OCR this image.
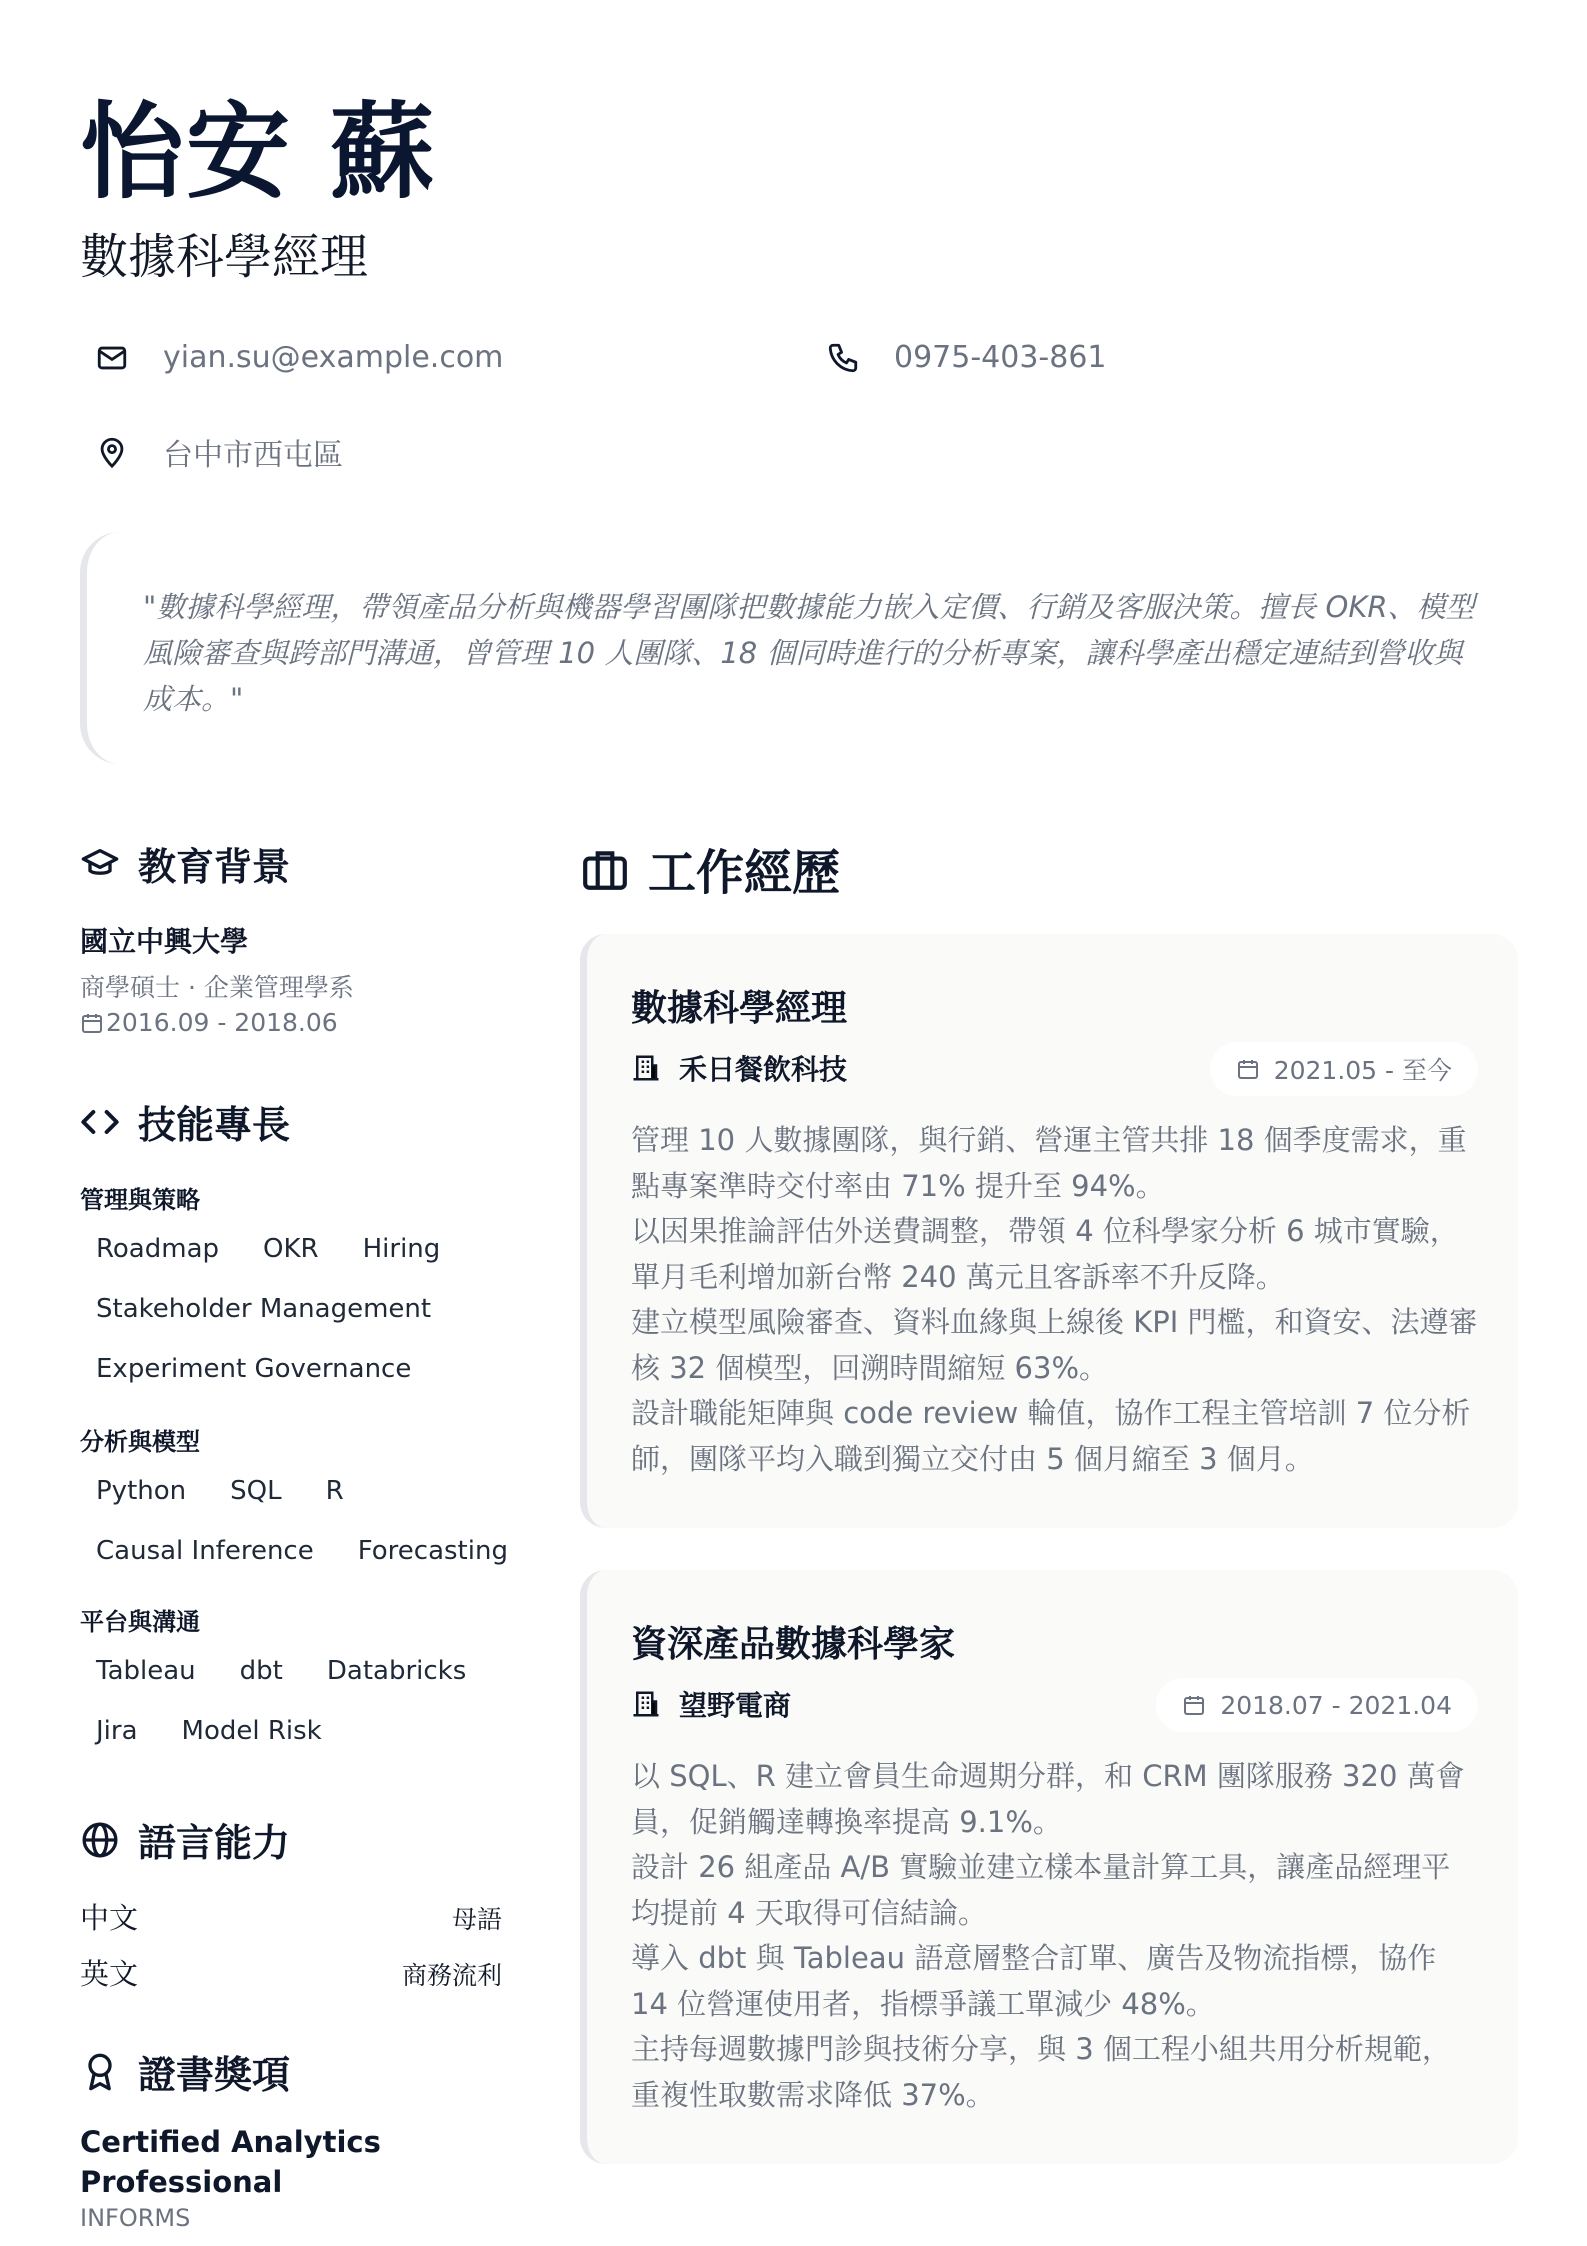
怡安 蘇
數據科學經理
yian.su@example.com	0975-403-861
台中市西屯區

"數據科學經理，帶領產品分析與機器學習團隊把數據能力嵌入定價、行銷及客服決策。擅長 OKR、模型風險審查與跨部門溝通，曾管理 10 人團隊、18 個同時進行的分析專案，讓科學產出穩定連結到營收與成本。"

教育背景
國立中興大學
商學碩士 · 企業管理學系
2016.09 - 2018.06
技能專長
管理與策略
Roadmap	OKR	Hiring
Stakeholder Management
Experiment Governance
分析與模型
Python	SQL	R
Causal Inference	Forecasting
平台與溝通
Tableau	dbt	Databricks
Jira	Model Risk
語言能力
中文	母語
英文	商務流利
證書獎項
Certified Analytics Professional
INFORMS
工作經歷
數據科學經理
禾日餐飲科技	2021.05 - 至今

管理 10 人數據團隊，與行銷、營運主管共排 18 個季度需求，重點專案準時交付率由 71% 提升至 94%。

以因果推論評估外送費調整，帶領 4 位科學家分析 6 城市實驗，單月毛利增加新台幣 240 萬元且客訴率不升反降。

建立模型風險審查、資料血緣與上線後 KPI 門檻，和資安、法遵審核 32 個模型，回溯時間縮短 63%。

設計職能矩陣與 code review 輪值，協作工程主管培訓 7 位分析師，團隊平均入職到獨立交付由 5 個月縮至 3 個月。

資深產品數據科學家
望野電商	2018.07 - 2021.04

以 SQL、R 建立會員生命週期分群，和 CRM 團隊服務 320 萬會員，促銷觸達轉換率提高 9.1%。

設計 26 組產品 A/B 實驗並建立樣本量計算工具，讓產品經理平均提前 4 天取得可信結論。

導入 dbt 與 Tableau 語意層整合訂單、廣告及物流指標，協作 14 位營運使用者，指標爭議工單減少 48%。

主持每週數據門診與技術分享，與 3 個工程小組共用分析規範，重複性取數需求降低 37%。
